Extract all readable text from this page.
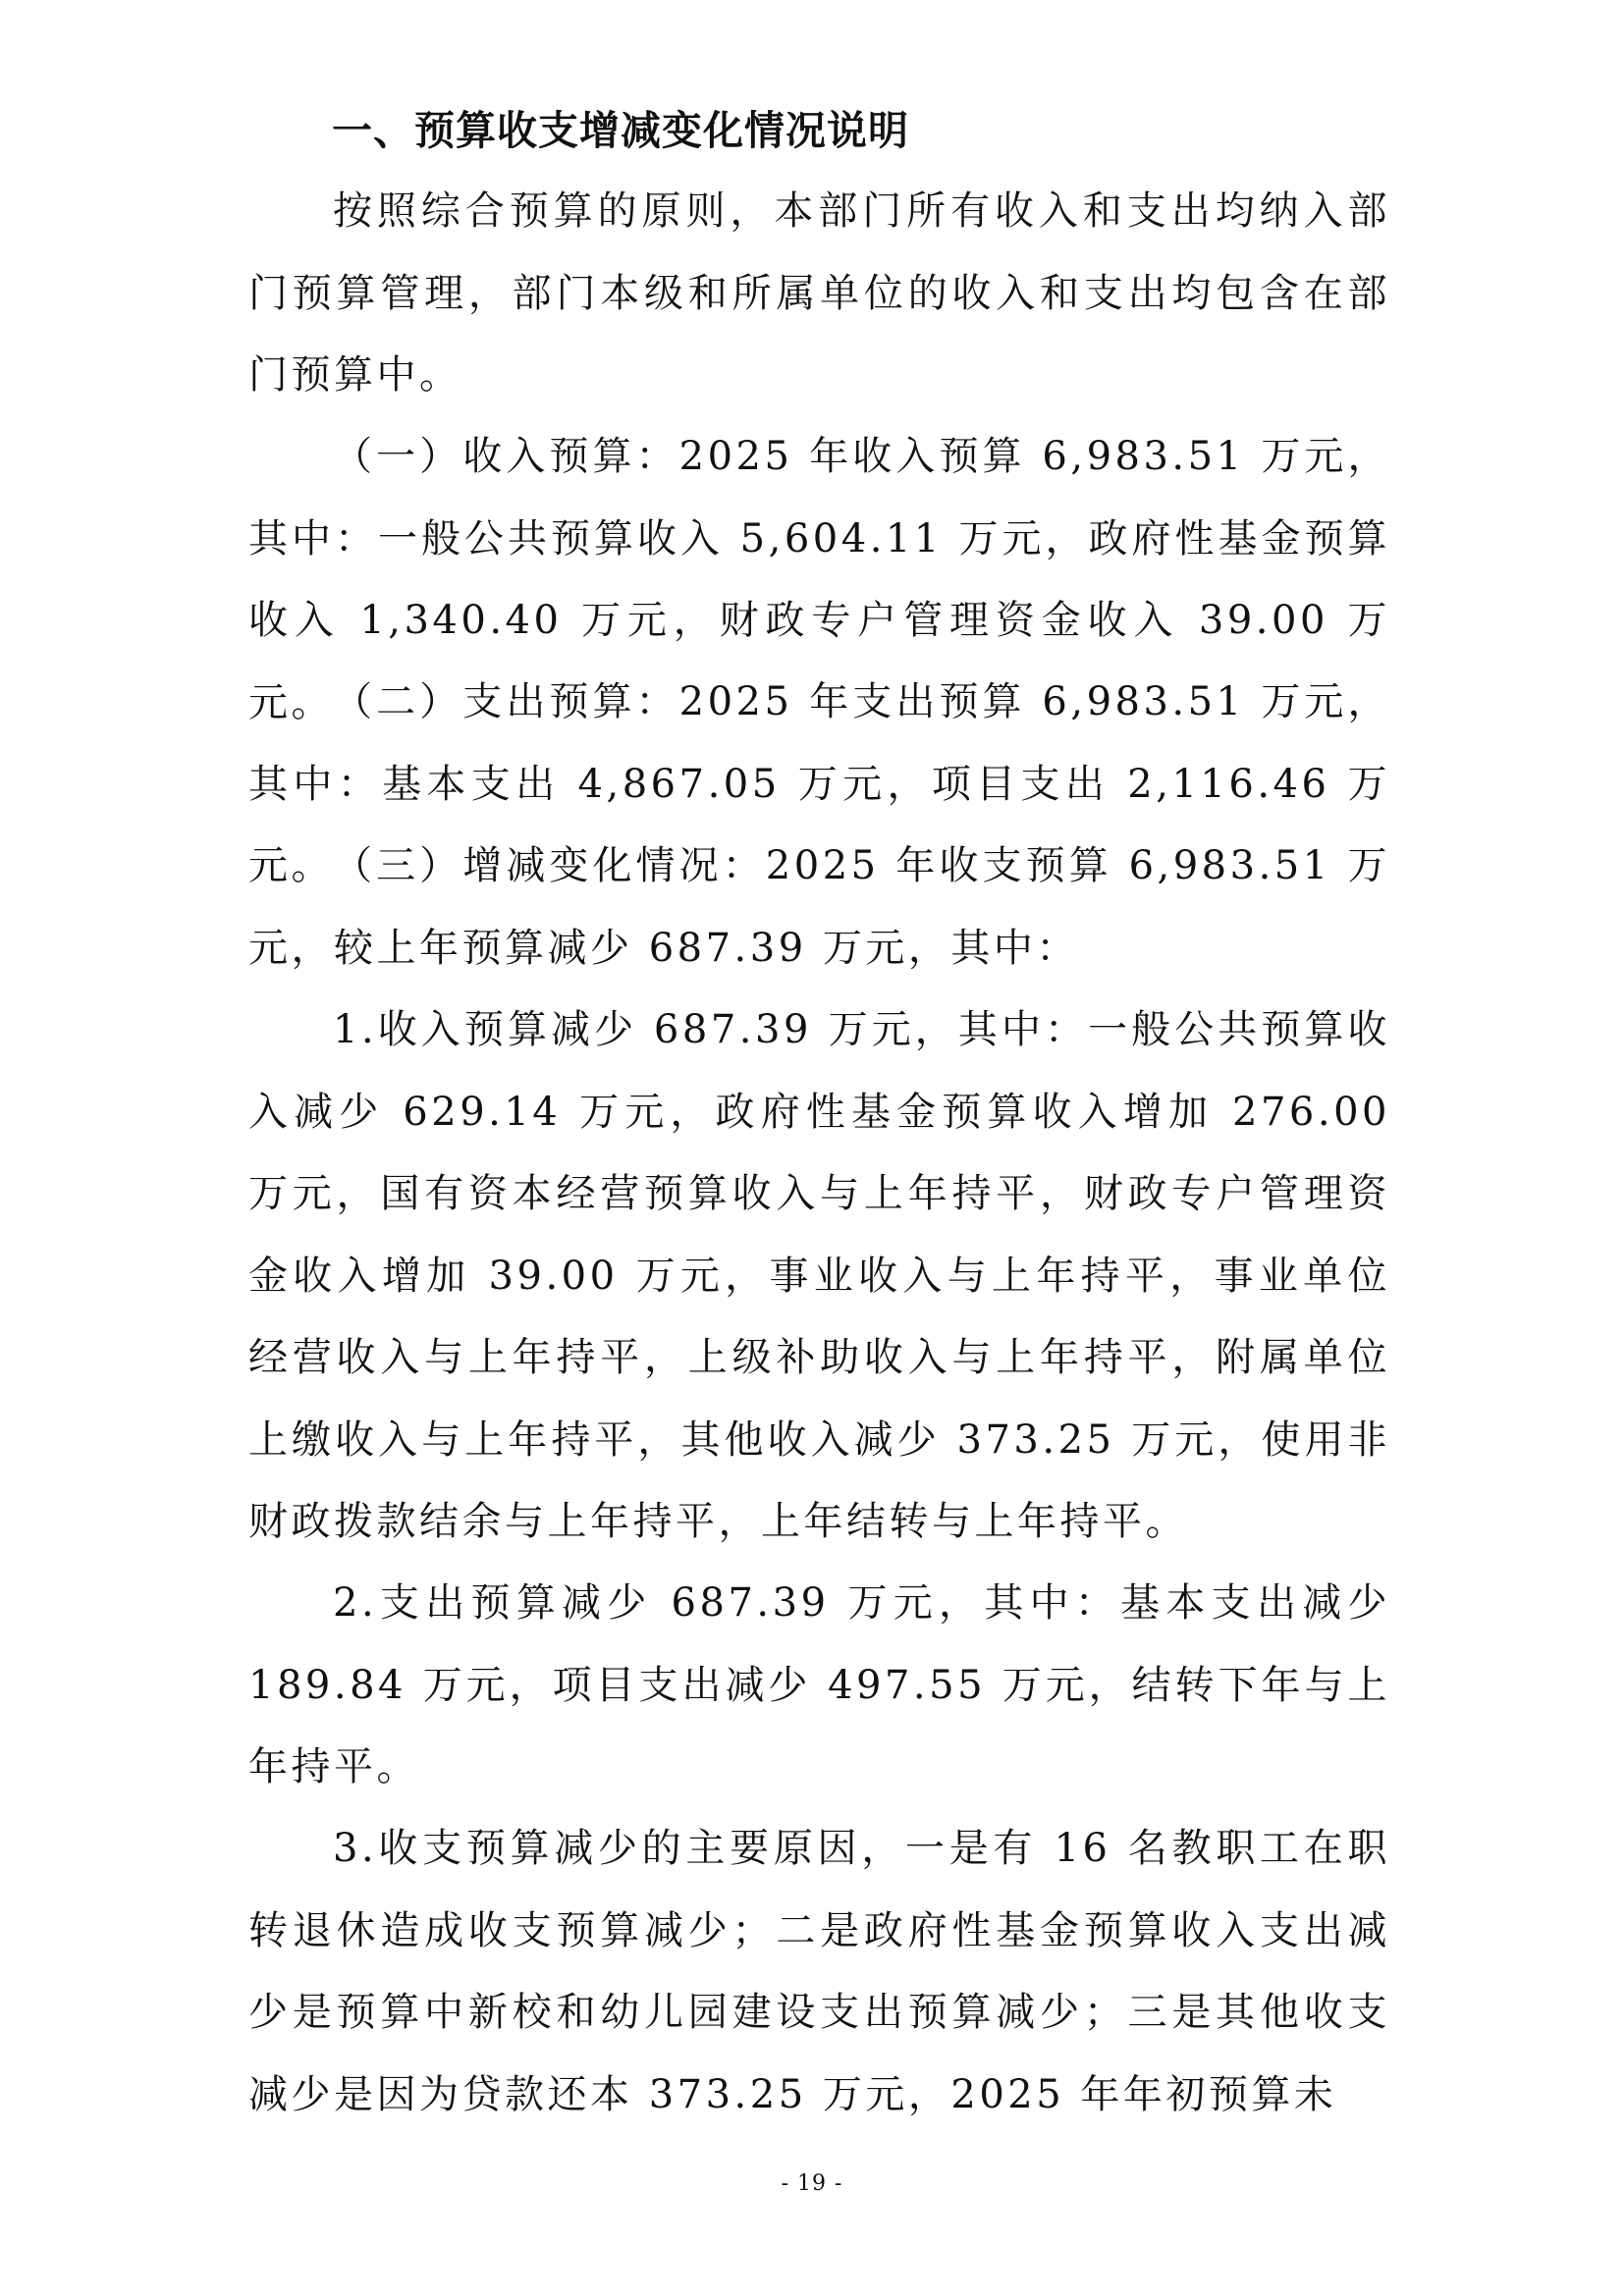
一、预算收支增减变化情况说明

按照综合预算的原则，本部门所有收入和支出均纳入部门预算管理，部门本级和所属单位的收入和支出均包含在部门预算中。

（一）收入预算：2025 年收入预算 6,983.51 万元，其中：一般公共预算收入 5,604.11 万元，政府性基金预算收入 1,340.40 万元，财政专户管理资金收入 39.00 万元。 （二）支出预算：2025 年支出预算 6,983.51 万元，其中：基本支出 4,867.05 万元，项目支出 2,116.46 万元。 （三）增减变化情况：2025 年收支预算 6,983.51 万元，较上年预算减少 687.39 万元，其中：

1.收入预算减少 687.39 万元，其中：一般公共预算收入减少 629.14 万元，政府性基金预算收入增加 276.00 万元，国有资本经营预算收入与上年持平，财政专户管理资金收入增加 39.00 万元，事业收入与上年持平，事业单位经营收入与上年持平，上级补助收入与上年持平，附属单位上缴收入与上年持平，其他收入减少 373.25 万元，使用非财政拨款结余与上年持平，上年结转与上年持平。

2.支出预算减少 687.39 万元，其中：基本支出减少 189.84 万元，项目支出减少 497.55 万元，结转下年与上年持平。

3.收支预算减少的主要原因，一是有 16 名教职工在职转退休造成收支预算减少；二是政府性基金预算收入支出减少是预算中新校和幼儿园建设支出预算减少；三是其他收支减少是因为贷款还本 373.25 万元，2025 年年初预算未

- 19 -
